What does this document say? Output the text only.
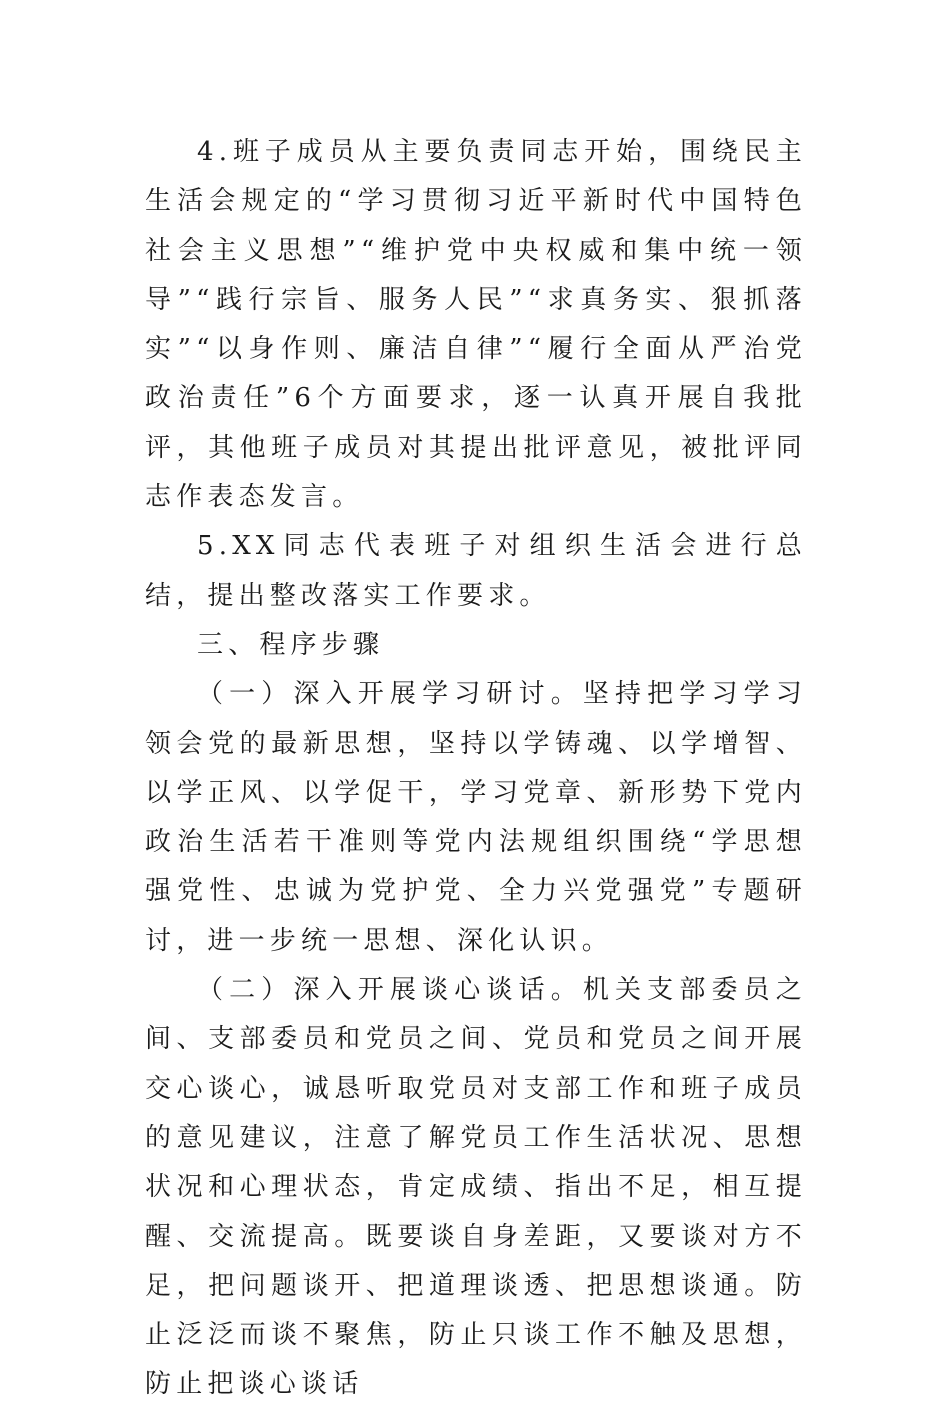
4.班子成员从主要负责同志开始，围绕民主生活会规定的“学习贯彻习近平新时代中国特色社会主义思想”“维护党中央权威和集中统一领导”“践行宗旨、服务人民”“求真务实、狠抓落实”“以身作则、廉洁自律”“履行全面从严治党政治责任”6个方面要求，逐一认真开展自我批评，其他班子成员对其提出批评意见，被批评同志作表态发言。

5.XX同志代表班子对组织生活会进行总结，提出整改落实工作要求。

三、程序步骤

（一）深入开展学习研讨。坚持把学习学习领会党的最新思想，坚持以学铸魂、以学增智、以学正风、以学促干，学习党章、新形势下党内政治生活若干准则等党内法规组织围绕“学思想强党性、忠诚为党护党、全力兴党强党”专题研讨，进一步统一思想、深化认识。

（二）深入开展谈心谈话。机关支部委员之间、支部委员和党员之间、党员和党员之间开展交心谈心，诚恳听取党员对支部工作和班子成员的意见建议，注意了解党员工作生活状况、思想状况和心理状态，肯定成绩、指出不足，相互提醒、交流提高。既要谈自身差距，又要谈对方不足，把问题谈开、把道理谈透、把思想谈通。防止泛泛而谈不聚焦，防止只谈工作不触及思想，防止把谈心谈话
